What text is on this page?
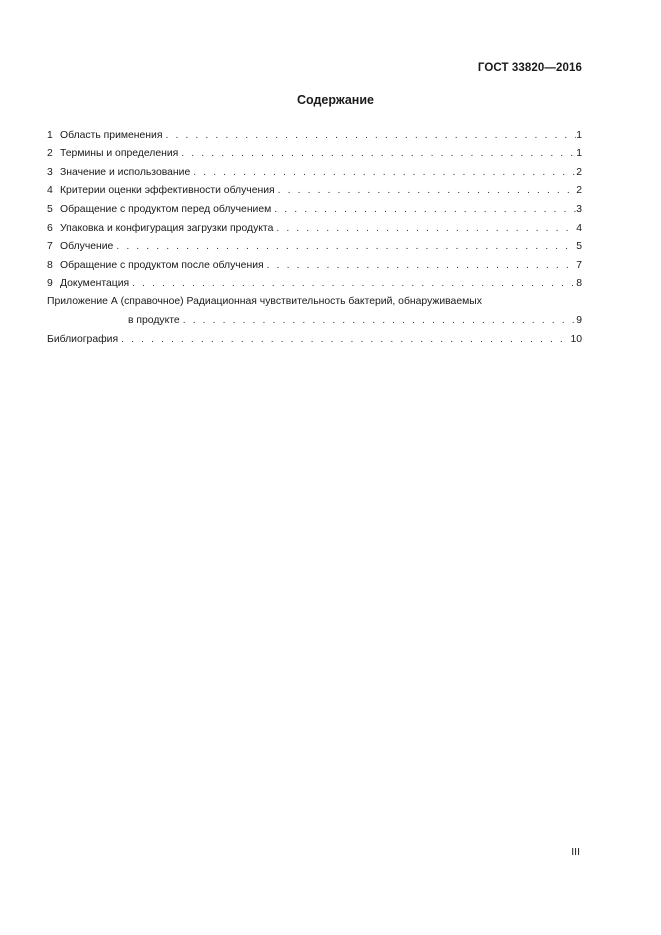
ГОСТ 33820—2016
Содержание
1 Область применения . . .	1
2 Термины и определения . . .	1
3 Значение и использование . . .	2
4 Критерии оценки эффективности облучения . . .	2
5 Обращение с продуктом перед облучением . . .	3
6 Упаковка и конфигурация загрузки продукта . . .	4
7 Облучение . . .	5
8 Обращение с продуктом после облучения . . .	7
9 Документация . . .	8
Приложение А (справочное) Радиационная чувствительность бактерий, обнаруживаемых
в продукте . . .	9
Библиография . . .	10
III
